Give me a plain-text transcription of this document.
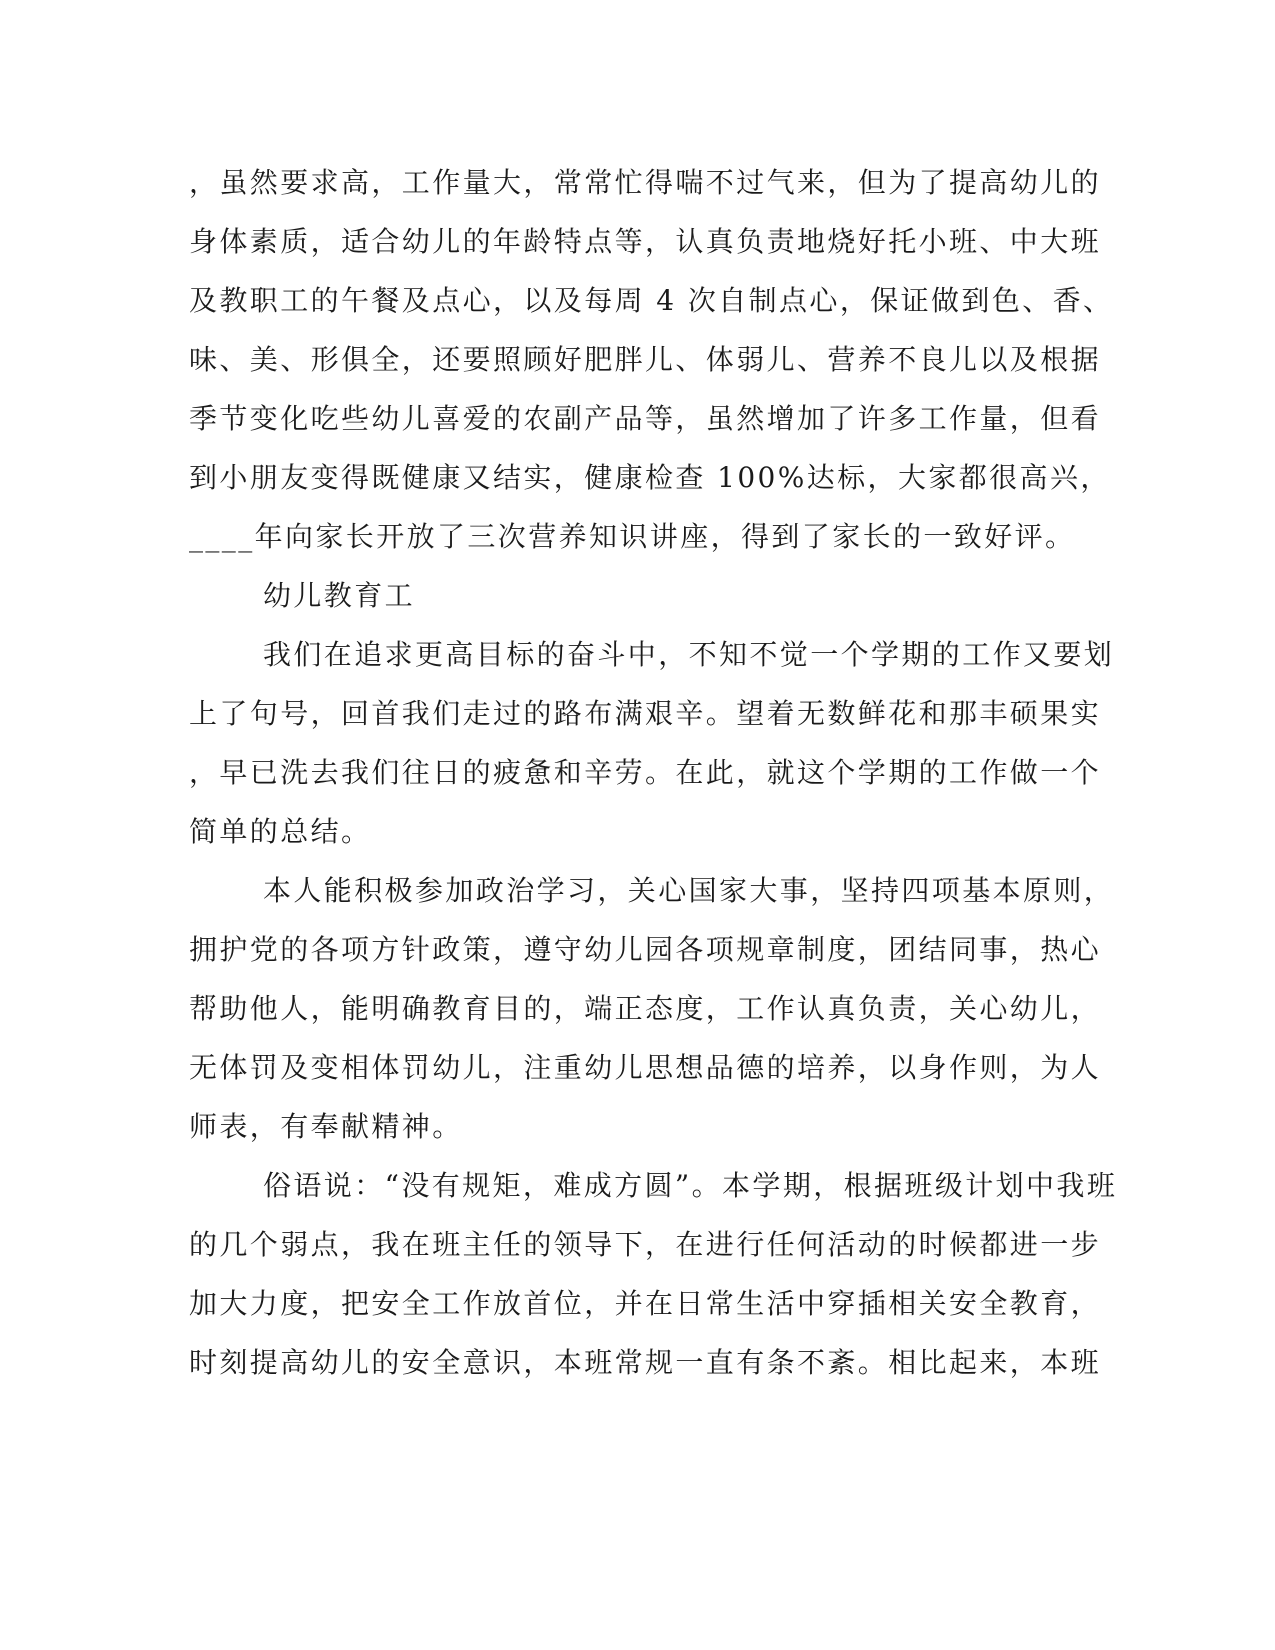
，虽然要求高，工作量大，常常忙得喘不过气来，但为了提高幼儿的
身体素质，适合幼儿的年龄特点等，认真负责地烧好托小班、中大班
及教职工的午餐及点心，以及每周 4 次自制点心，保证做到色、香、
味、美、形俱全，还要照顾好肥胖儿、体弱儿、营养不良儿以及根据
季节变化吃些幼儿喜爱的农副产品等，虽然增加了许多工作量，但看
到小朋友变得既健康又结实，健康检查 100%达标，大家都很高兴，
____年向家长开放了三次营养知识讲座，得到了家长的一致好评。
幼儿教育工
我们在追求更高目标的奋斗中，不知不觉一个学期的工作又要划
上了句号，回首我们走过的路布满艰辛。望着无数鲜花和那丰硕果实
，早已洗去我们往日的疲惫和辛劳。在此，就这个学期的工作做一个
简单的总结。
本人能积极参加政治学习，关心国家大事，坚持四项基本原则，
拥护党的各项方针政策，遵守幼儿园各项规章制度，团结同事，热心
帮助他人，能明确教育目的，端正态度，工作认真负责，关心幼儿，
无体罚及变相体罚幼儿，注重幼儿思想品德的培养，以身作则，为人
师表，有奉献精神。
俗语说：“没有规矩，难成方圆”。本学期，根据班级计划中我班
的几个弱点，我在班主任的领导下，在进行任何活动的时候都进一步
加大力度，把安全工作放首位，并在日常生活中穿插相关安全教育，
时刻提高幼儿的安全意识，本班常规一直有条不紊。相比起来，本班
